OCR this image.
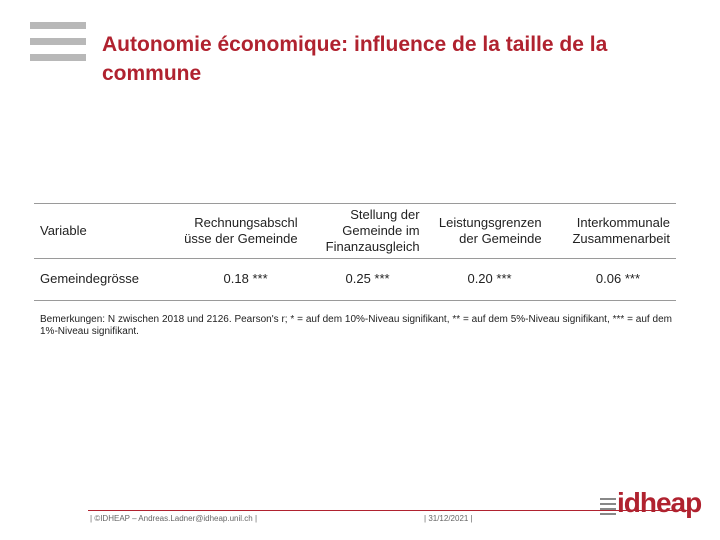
Autonomie économique: influence de la taille de la commune
Variable	Rechnungsabschl üsse der Gemeinde	Stellung der Gemeinde im Finanzausgleich	Leistungsgrenzen der Gemeinde	Interkommunale Zusammenarbeit
Gemeindegrösse	0.18 ***	0.25 ***	0.20 ***	0.06 ***

Bemerkungen: N zwischen 2018 und 2126. Pearson's r; * = auf dem 10%-Niveau signifikant, ** = auf dem 5%-Niveau signifikant, *** = auf dem 1%-Niveau signifikant.

| ©IDHEAP – Andreas.Ladner@idheap.unil.ch |	| 31/12/2021 |
idheap
